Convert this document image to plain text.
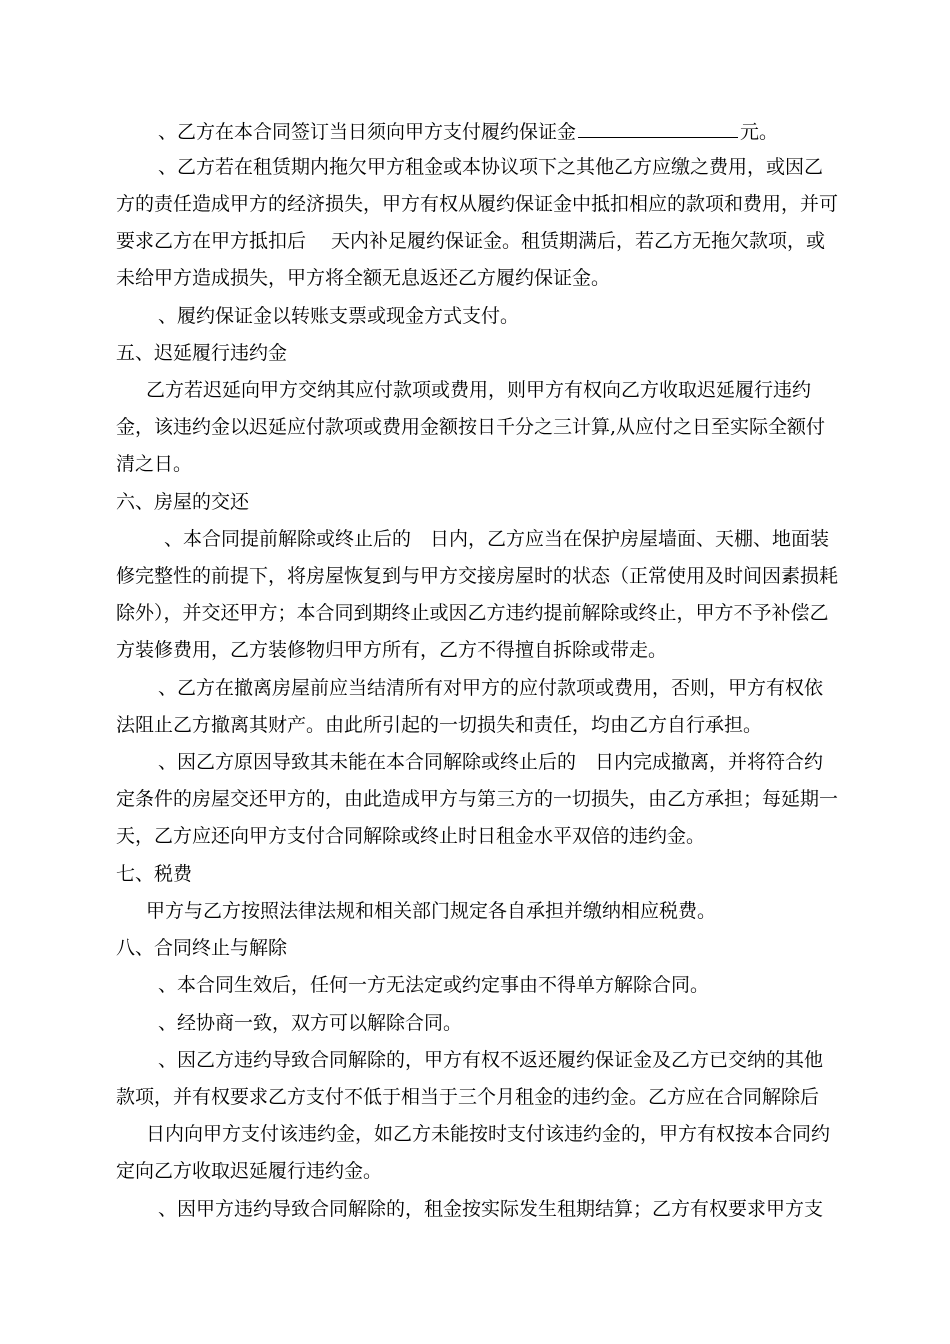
、乙方在本合同签订当日须向甲方支付履约保证金	元。
、乙方若在租赁期内拖欠甲方租金或本协议项下之其他乙方应缴之费用，或因乙
方的责任造成甲方的经济损失，甲方有权从履约保证金中抵扣相应的款项和费用，并可
要求乙方在甲方抵扣后　 天内补足履约保证金。租赁期满后，若乙方无拖欠款项，或
未给甲方造成损失，甲方将全额无息返还乙方履约保证金。
、履约保证金以转账支票或现金方式支付。
五、迟延履行违约金
乙方若迟延向甲方交纳其应付款项或费用，则甲方有权向乙方收取迟延履行违约
金，该违约金以迟延应付款项或费用金额按日千分之三计算,从应付之日至实际全额付
清之日。
六、房屋的交还
、本合同提前解除或终止后的　日内，乙方应当在保护房屋墙面、天棚、地面装
修完整性的前提下，将房屋恢复到与甲方交接房屋时的状态（正常使用及时间因素损耗
除外），并交还甲方；本合同到期终止或因乙方违约提前解除或终止，甲方不予补偿乙
方装修费用，乙方装修物归甲方所有，乙方不得擅自拆除或带走。
、乙方在撤离房屋前应当结清所有对甲方的应付款项或费用，否则，甲方有权依
法阻止乙方撤离其财产。由此所引起的一切损失和责任，均由乙方自行承担。
、因乙方原因导致其未能在本合同解除或终止后的　日内完成撤离，并将符合约
定条件的房屋交还甲方的，由此造成甲方与第三方的一切损失，由乙方承担；每延期一
天，乙方应还向甲方支付合同解除或终止时日租金水平双倍的违约金。
七、税费
甲方与乙方按照法律法规和相关部门规定各自承担并缴纳相应税费。
八、合同终止与解除
、本合同生效后，任何一方无法定或约定事由不得单方解除合同。
、经协商一致，双方可以解除合同。
、因乙方违约导致合同解除的，甲方有权不返还履约保证金及乙方已交纳的其他
款项，并有权要求乙方支付不低于相当于三个月租金的违约金。乙方应在合同解除后
日内向甲方支付该违约金，如乙方未能按时支付该违约金的，甲方有权按本合同约
定向乙方收取迟延履行违约金。
、因甲方违约导致合同解除的，租金按实际发生租期结算；乙方有权要求甲方支
